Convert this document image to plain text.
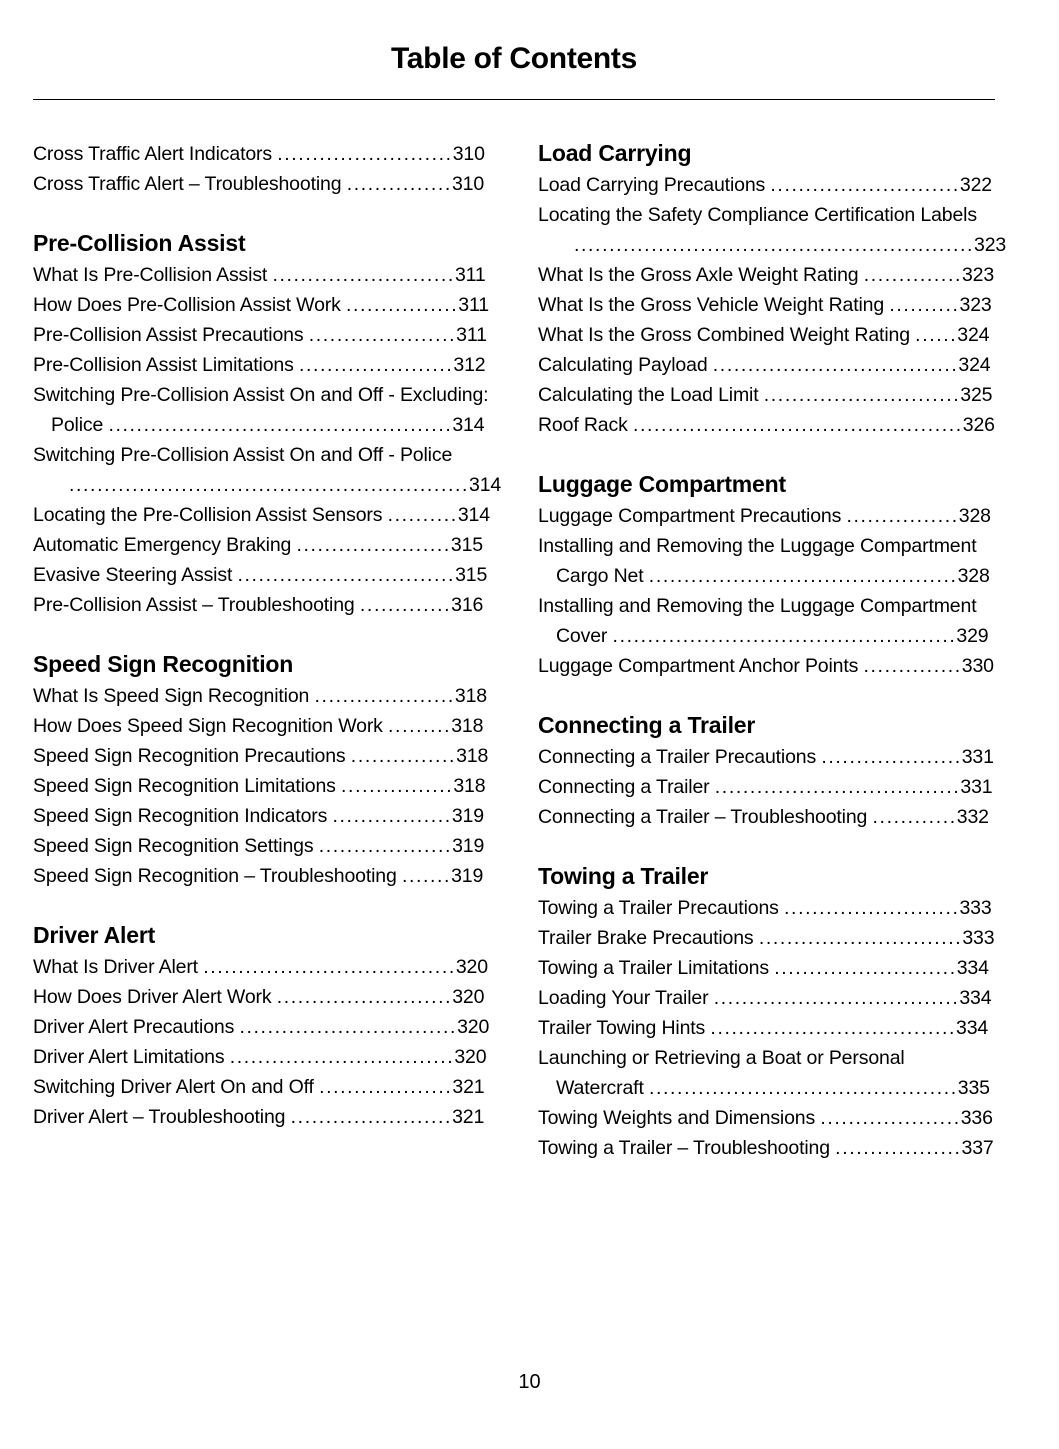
Table of Contents
Cross Traffic Alert Indicators .........................310
Cross Traffic Alert – Troubleshooting ...............310
Pre-Collision Assist
What Is Pre-Collision Assist ..........................311
How Does Pre-Collision Assist Work ................311
Pre-Collision Assist Precautions .....................311
Pre-Collision Assist Limitations ......................312
Switching Pre-Collision Assist On and Off - Excluding: Police .................................................314
Switching Pre-Collision Assist On and Off - Police
.........................................................314
Locating the Pre-Collision Assist Sensors ..........314
Automatic Emergency Braking ......................315
Evasive Steering Assist ...............................315
Pre-Collision Assist – Troubleshooting .............316
Speed Sign Recognition
What Is Speed Sign Recognition ....................318
How Does Speed Sign Recognition Work .........318
Speed Sign Recognition Precautions ...............318
Speed Sign Recognition Limitations ................318
Speed Sign Recognition Indicators .................319
Speed Sign Recognition Settings ...................319
Speed Sign Recognition – Troubleshooting .......319
Driver Alert
What Is Driver Alert ....................................320
How Does Driver Alert Work .........................320
Driver Alert Precautions ...............................320
Driver Alert Limitations ................................320
Switching Driver Alert On and Off ...................321
Driver Alert – Troubleshooting .......................321
Load Carrying
Load Carrying Precautions ...........................322
Locating the Safety Compliance Certification Labels
.........................................................323
What Is the Gross Axle Weight Rating ..............323
What Is the Gross Vehicle Weight Rating ..........323
What Is the Gross Combined Weight Rating ......324
Calculating Payload ...................................324
Calculating the Load Limit ............................325
Roof Rack ...............................................326
Luggage Compartment
Luggage Compartment Precautions ................328
Installing and Removing the Luggage Compartment Cargo Net ............................................328
Installing and Removing the Luggage Compartment Cover .................................................329
Luggage Compartment Anchor Points ..............330
Connecting a Trailer
Connecting a Trailer Precautions ....................331
Connecting a Trailer ...................................331
Connecting a Trailer – Troubleshooting ............332
Towing a Trailer
Towing a Trailer Precautions .........................333
Trailer Brake Precautions .............................333
Towing a Trailer Limitations ..........................334
Loading Your Trailer ...................................334
Trailer Towing Hints ...................................334
Launching or Retrieving a Boat or Personal Watercraft ............................................335
Towing Weights and Dimensions ....................336
Towing a Trailer – Troubleshooting ..................337
10
